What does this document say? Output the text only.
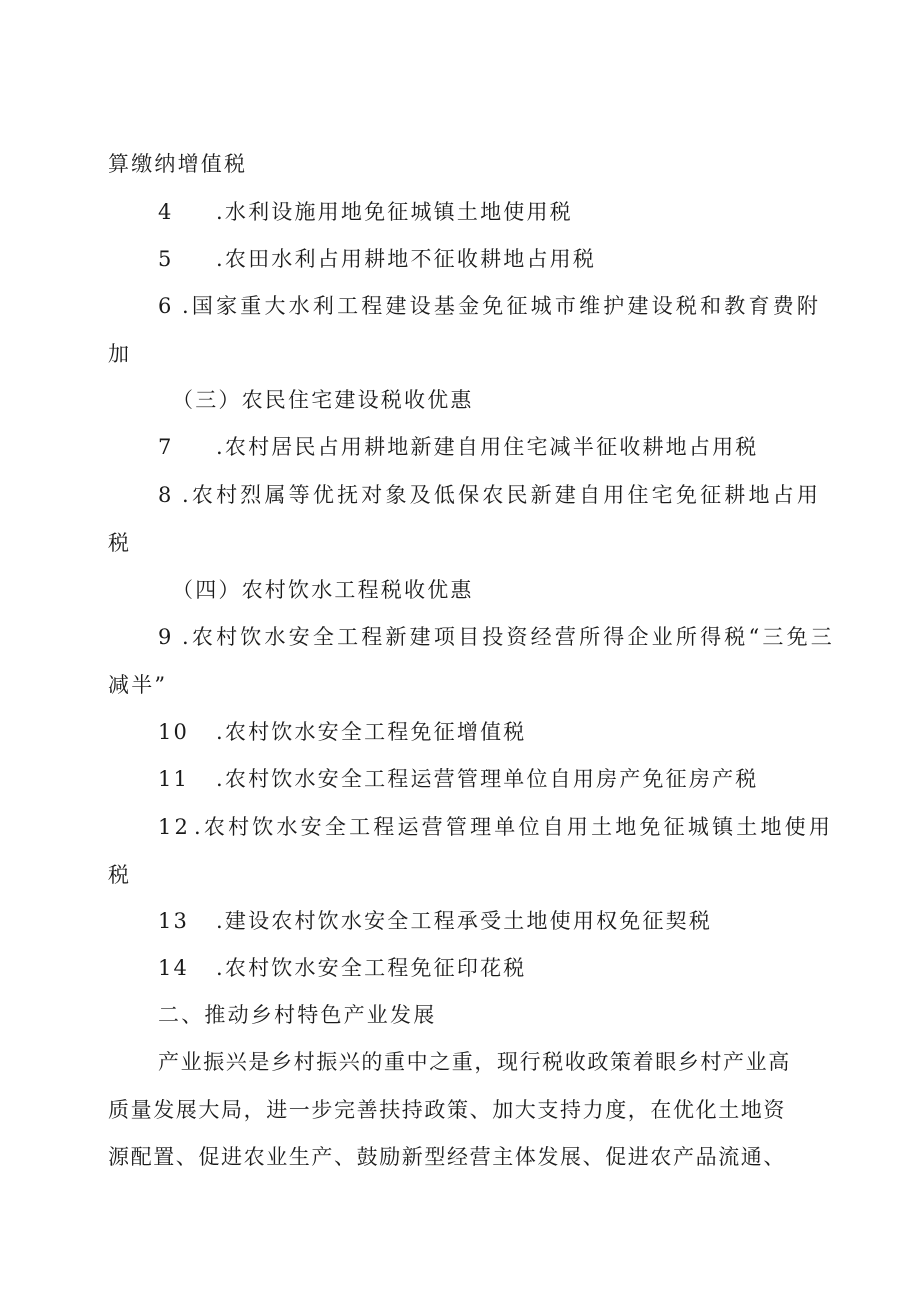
算缴纳增值税
4 .水利设施用地免征城镇土地使用税
5 .农田水利占用耕地不征收耕地占用税
6 .国家重大水利工程建设基金免征城市维护建设税和教育费附
加
（三）农民住宅建设税收优惠
7 .农村居民占用耕地新建自用住宅减半征收耕地占用税
8 .农村烈属等优抚对象及低保农民新建自用住宅免征耕地占用
税
（四）农村饮水工程税收优惠
9 .农村饮水安全工程新建项目投资经营所得企业所得税“三免三
减半”
10 .农村饮水安全工程免征增值税
11 .农村饮水安全工程运营管理单位自用房产免征房产税
12 .农村饮水安全工程运营管理单位自用土地免征城镇土地使用
税
13 .建设农村饮水安全工程承受土地使用权免征契税
14 .农村饮水安全工程免征印花税
二、推动乡村特色产业发展
产业振兴是乡村振兴的重中之重，现行税收政策着眼乡村产业高
质量发展大局，进一步完善扶持政策、加大支持力度，在优化土地资
源配置、促进农业生产、鼓励新型经营主体发展、促进农产品流通、
